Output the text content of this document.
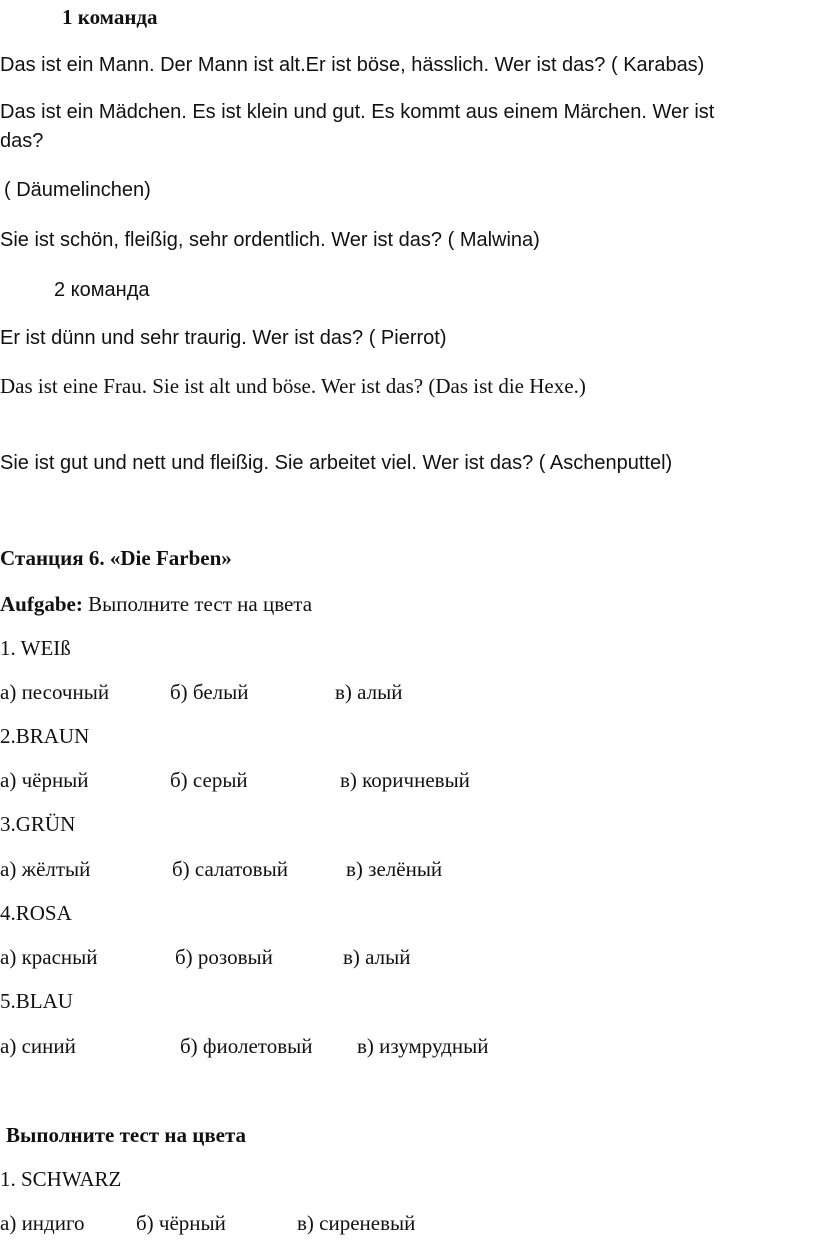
1 команда
Das ist ein Mann. Der Mann ist alt.Er ist böse, hässlich. Wer ist das? ( Karabas)
Das ist ein Mädchen. Es ist klein und gut. Es kommt aus einem Märchen. Wer ist
das?
( Däumelinchen)
Sie ist schön, fleißig, sehr ordentlich. Wer ist das? ( Malwina)
2 команда
Er ist dünn und sehr traurig. Wer ist das? ( Pierrot)
Das ist eine Frau. Sie ist alt und böse. Wer ist das? (Das ist die Hexe.)
Sie ist gut und nett und fleißig. Sie arbeitet viel. Wer ist das? ( Aschenputtel)
Станция 6. «Die Farben»
Aufgabe: Выполните тест на цвета
1. WEIß
а) песочный	б) белый	в) алый
2.BRAUN
а) чёрный	б) серый	в) коричневый
3.GRÜN
а) жёлтый	б) салатовый	в) зелёный
4.ROSA
а) красный	б) розовый	в) алый
5.BLAU
а) синий	б) фиолетовый в) изумрудный
Выполните тест на цвета
1. SCHWARZ
а) индиго б) чёрный	в) сиреневый
